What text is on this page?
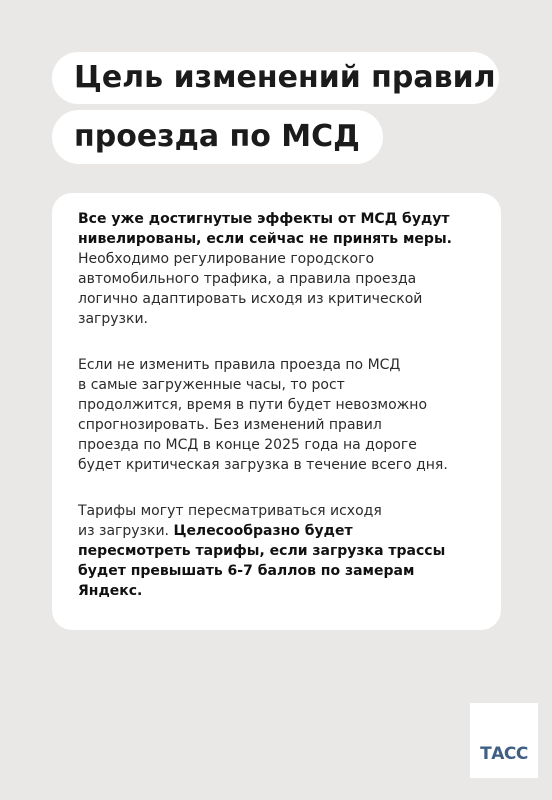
Цель изменений правил
проезда по МСД

Все уже достигнутые эффекты от МСД будут
нивелированы, если сейчас не принять меры.
Необходимо регулирование городского
автомобильного трафика, а правила проезда
логично адаптировать исходя из критической
загрузки.

Если не изменить правила проезда по МСД
в самые загруженные часы, то рост
продолжится, время в пути будет невозможно
спрогнозировать. Без изменений правил
проезда по МСД в конце 2025 года на дороге
будет критическая загрузка в течение всего дня.

Тарифы могут пересматриваться исходя
из загрузки. Целесообразно будет
пересмотреть тарифы, если загрузка трассы
будет превышать 6-7 баллов по замерам
Яндекс.

ТАСС
